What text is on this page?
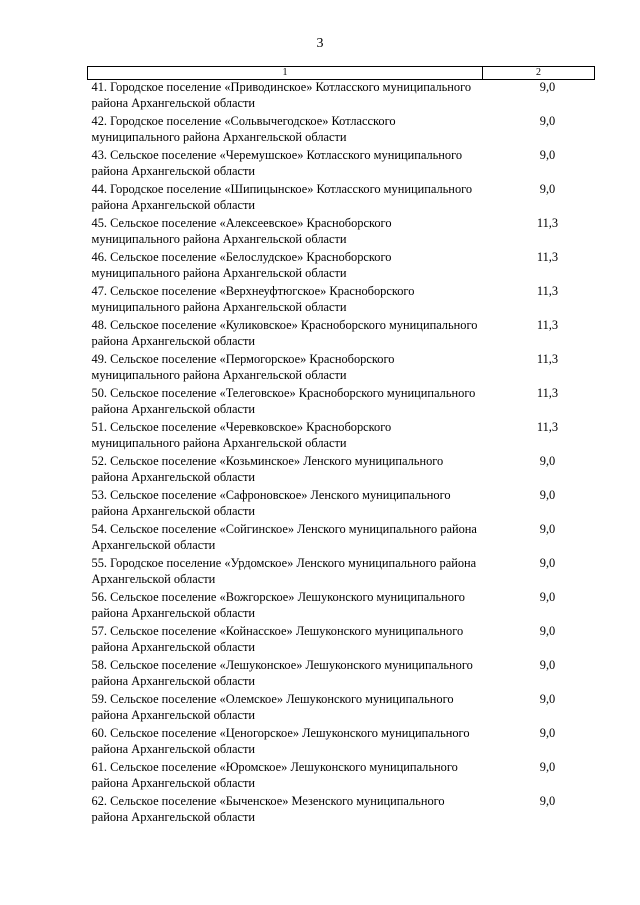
3
1	2
41. Городское поселение «Приводинское» Котласского муниципального района Архангельской области	9,0
42. Городское поселение «Сольвычегодское» Котласского муниципального района Архангельской области	9,0
43. Сельское поселение «Черемушское» Котласского муниципального района Архангельской области	9,0
44. Городское поселение «Шипицынское» Котласского муниципального района Архангельской области	9,0
45. Сельское поселение «Алексеевское» Красноборского муниципального района Архангельской области	11,3
46. Сельское поселение «Белослудское» Красноборского муниципального района Архангельской области	11,3
47. Сельское поселение «Верхнеуфтюгское» Красноборского муниципального района Архангельской области	11,3
48. Сельское поселение «Куликовское» Красноборского муниципального района Архангельской области	11,3
49. Сельское поселение «Пермогорское» Красноборского муниципального района Архангельской области	11,3
50. Сельское поселение «Телеговское» Красноборского муниципального района Архангельской области	11,3
51. Сельское поселение «Черевковское» Красноборского муниципального района Архангельской области	11,3
52. Сельское поселение «Козьминское» Ленского муниципального района Архангельской области	9,0
53. Сельское поселение «Сафроновское» Ленского муниципального района Архангельской области	9,0
54. Сельское поселение «Сойгинское» Ленского муниципального района Архангельской области	9,0
55. Городское поселение «Урдомское» Ленского муниципального района Архангельской области	9,0
56. Сельское поселение «Вожгорское» Лешуконского муниципального района Архангельской области	9,0
57. Сельское поселение «Койнасское» Лешуконского муниципального района Архангельской области	9,0
58. Сельское поселение «Лешуконское» Лешуконского муниципального района Архангельской области	9,0
59. Сельское поселение «Олемское» Лешуконского муниципального района Архангельской области	9,0
60. Сельское поселение «Ценогорское» Лешуконского муниципального района Архангельской области	9,0
61. Сельское поселение «Юромское» Лешуконского муниципального района Архангельской области	9,0
62. Сельское поселение «Быченское» Мезенского муниципального района Архангельской области	9,0
